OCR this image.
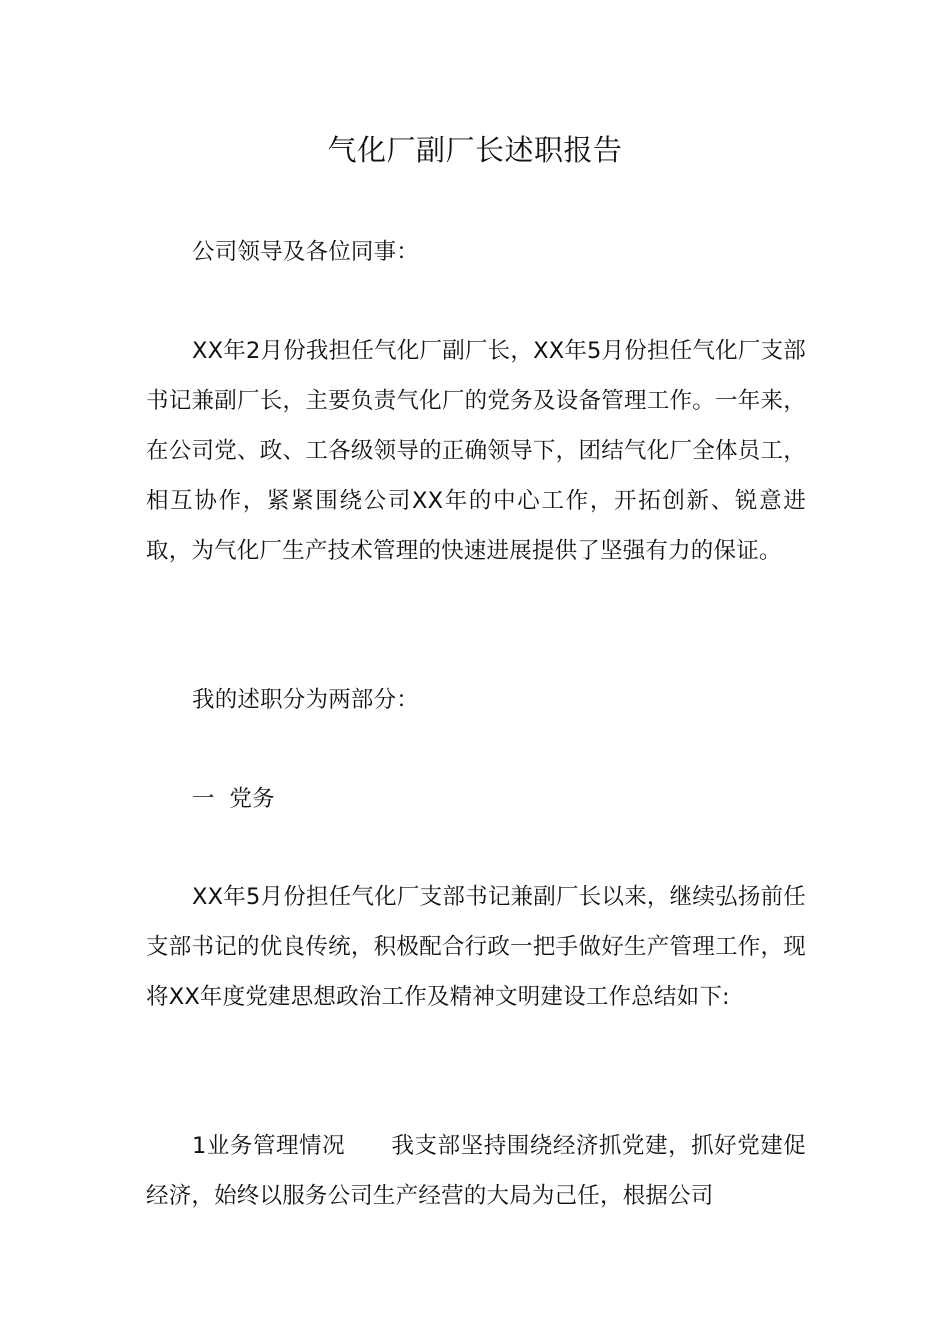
气化厂副厂长述职报告

公司领导及各位同事：

XX年2月份我担任气化厂副厂长，XX年5月份担任气化厂支部书记兼副厂长，主要负责气化厂的党务及设备管理工作。一年来，在公司党、政、工各级领导的正确领导下，团结气化厂全体员工，相互协作，紧紧围绕公司XX年的中心工作，开拓创新、锐意进取，为气化厂生产技术管理的快速进展提供了坚强有力的保证。

我的述职分为两部分：

一  党务

XX年5月份担任气化厂支部书记兼副厂长以来，继续弘扬前任支部书记的优良传统，积极配合行政一把手做好生产管理工作，现将XX年度党建思想政治工作及精神文明建设工作总结如下:

1业务管理情况 我支部坚持围绕经济抓党建，抓好党建促经济，始终以服务公司生产经营的大局为己任，根据公司
